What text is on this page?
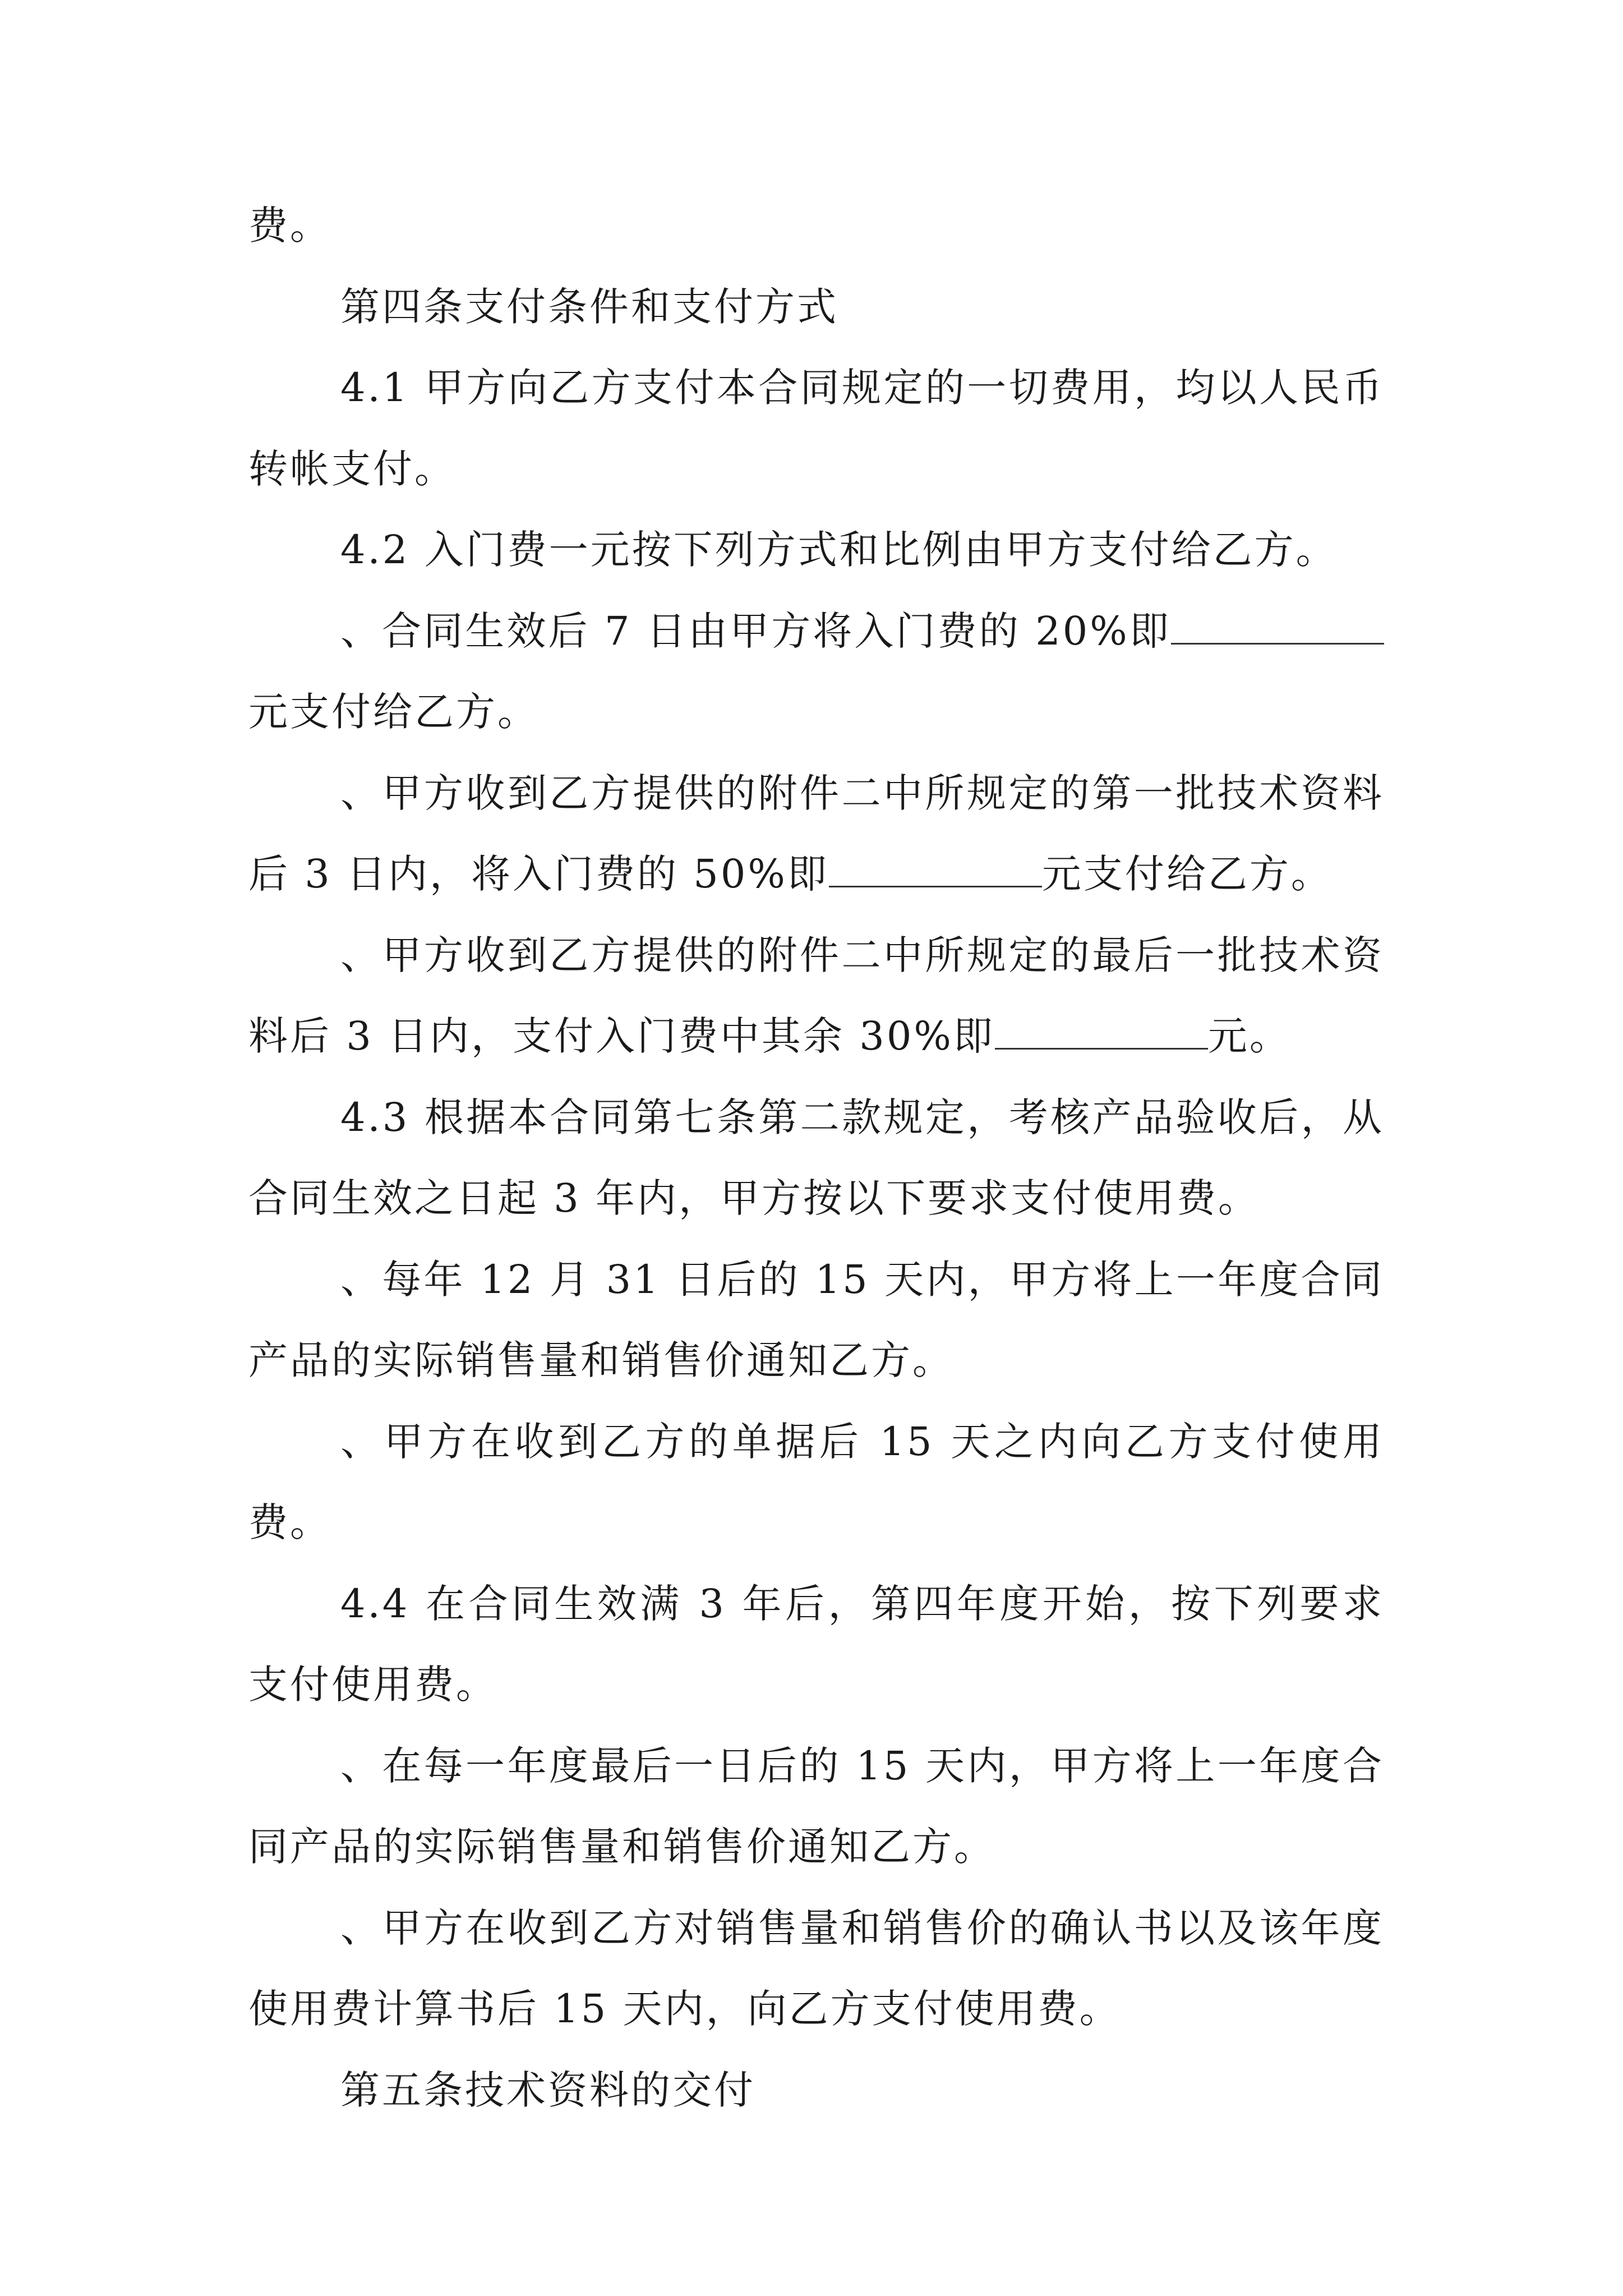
费。

第四条支付条件和支付方式

4.1 甲方向乙方支付本合同规定的一切费用，均以人民币转帐支付。

4.2 入门费一元按下列方式和比例由甲方支付给乙方。

、合同生效后 7 日由甲方将入门费的 20%即元支付给乙方。

、甲方收到乙方提供的附件二中所规定的第一批技术资料后 3 日内，将入门费的 50%即	元支付给乙方。

、甲方收到乙方提供的附件二中所规定的最后一批技术资料后 3 日内，支付入门费中其余 30%即	元。

4.3 根据本合同第七条第二款规定，考核产品验收后，从合同生效之日起 3 年内，甲方按以下要求支付使用费。

、每年 12 月 31 日后的 15 天内，甲方将上一年度合同产品的实际销售量和销售价通知乙方。

、甲方在收到乙方的单据后 15 天之内向乙方支付使用费。

4.4 在合同生效满 3 年后，第四年度开始，按下列要求支付使用费。

、在每一年度最后一日后的 15 天内，甲方将上一年度合同产品的实际销售量和销售价通知乙方。

、甲方在收到乙方对销售量和销售价的确认书以及该年度使用费计算书后 15 天内，向乙方支付使用费。

第五条技术资料的交付
